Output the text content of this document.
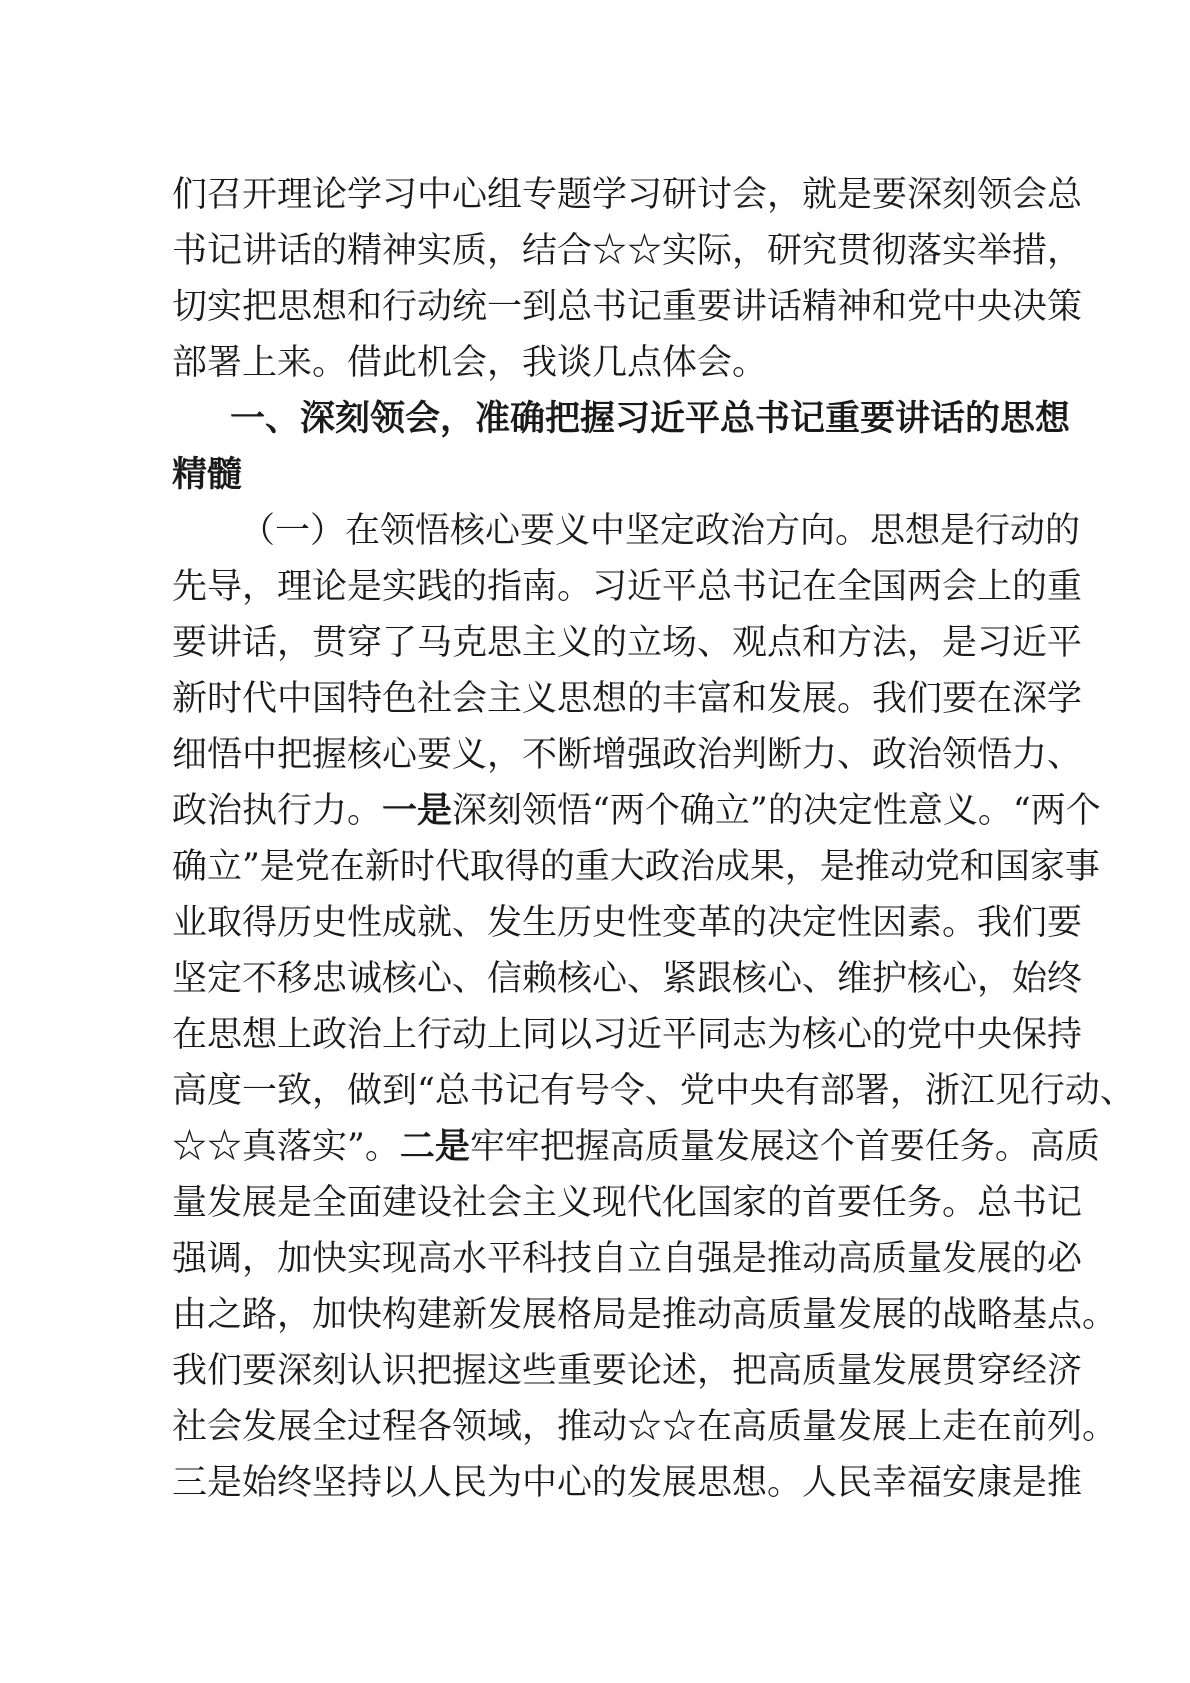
们召开理论学习中心组专题学习研讨会，就是要深刻领会总
书记讲话的精神实质，结合☆☆实际，研究贯彻落实举措，
切实把思想和行动统一到总书记重要讲话精神和党中央决策
部署上来。借此机会，我谈几点体会。
一、深刻领会，准确把握习近平总书记重要讲话的思想
精髓
（一）在领悟核心要义中坚定政治方向。思想是行动的
先导，理论是实践的指南。习近平总书记在全国两会上的重
要讲话，贯穿了马克思主义的立场、观点和方法，是习近平
新时代中国特色社会主义思想的丰富和发展。我们要在深学
细悟中把握核心要义，不断增强政治判断力、政治领悟力、
政治执行力。一是深刻领悟“两个确立”的决定性意义。“两个
确立”是党在新时代取得的重大政治成果，是推动党和国家事
业取得历史性成就、发生历史性变革的决定性因素。我们要
坚定不移忠诚核心、信赖核心、紧跟核心、维护核心，始终
在思想上政治上行动上同以习近平同志为核心的党中央保持
高度一致，做到“总书记有号令、党中央有部署，浙江见行动、
☆☆真落实”。二是牢牢把握高质量发展这个首要任务。高质
量发展是全面建设社会主义现代化国家的首要任务。总书记
强调，加快实现高水平科技自立自强是推动高质量发展的必
由之路，加快构建新发展格局是推动高质量发展的战略基点。
我们要深刻认识把握这些重要论述，把高质量发展贯穿经济
社会发展全过程各领域，推动☆☆在高质量发展上走在前列。
三是始终坚持以人民为中心的发展思想。人民幸福安康是推
